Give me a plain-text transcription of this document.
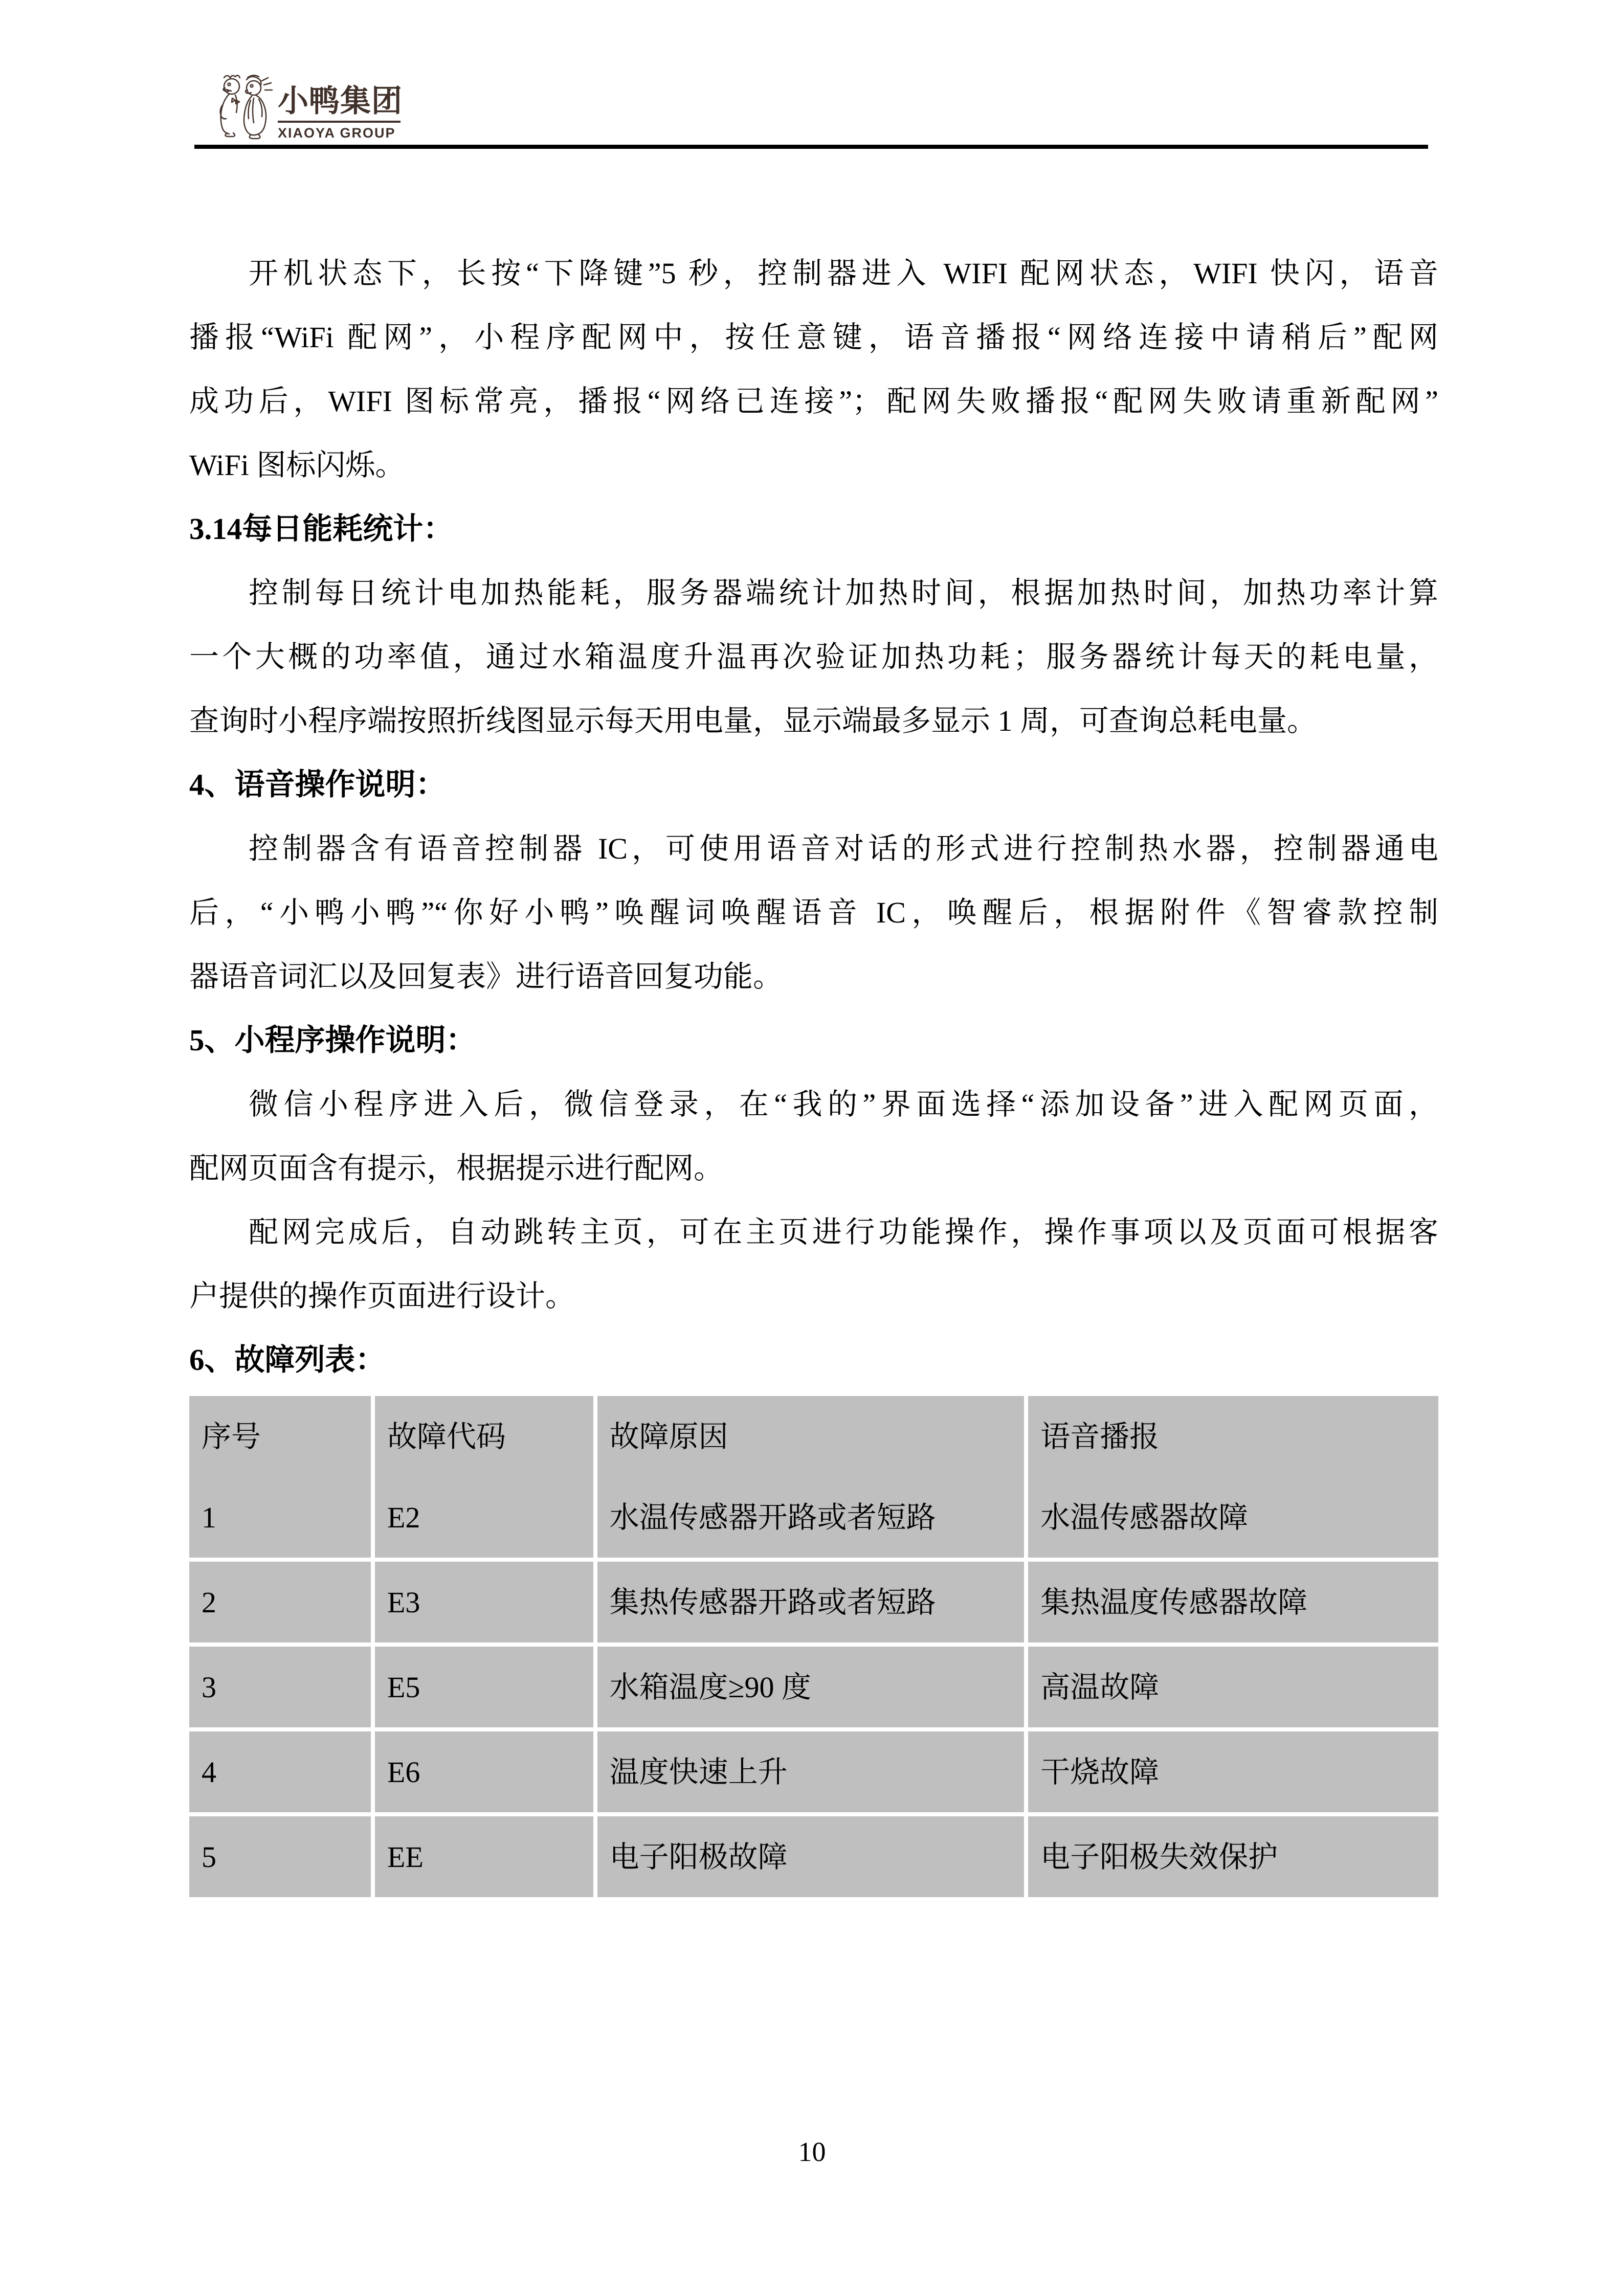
小鸭集团
XIAOYA GROUP
开机状态下，长按“下降键”5 秒，控制器进入 WIFI 配网状态，WIFI 快闪，语音
播报“WiFi 配网”，小程序配网中，按任意键，语音播报“网络连接中请稍后”配网
成功后，WIFI 图标常亮，播报“网络已连接”；配网失败播报“配网失败请重新配网”
WiFi 图标闪烁。
3.14每日能耗统计：
控制每日统计电加热能耗，服务器端统计加热时间，根据加热时间，加热功率计算
一个大概的功率值，通过水箱温度升温再次验证加热功耗；服务器统计每天的耗电量，
查询时小程序端按照折线图显示每天用电量，显示端最多显示 1 周，可查询总耗电量。
4、语音操作说明：
控制器含有语音控制器 IC，可使用语音对话的形式进行控制热水器，控制器通电
后，“小鸭小鸭”“你好小鸭”唤醒词唤醒语音 IC，唤醒后，根据附件《智睿款控制
器语音词汇以及回复表》进行语音回复功能。
5、小程序操作说明：
微信小程序进入后，微信登录，在“我的”界面选择“添加设备”进入配网页面，
配网页面含有提示，根据提示进行配网。
配网完成后，自动跳转主页，可在主页进行功能操作，操作事项以及页面可根据客
户提供的操作页面进行设计。
6、故障列表：
序号	故障代码	故障原因	语音播报
1	E2	水温传感器开路或者短路	水温传感器故障
2	E3	集热传感器开路或者短路	集热温度传感器故障
3	E5	水箱温度≥90 度	高温故障
4	E6	温度快速上升	干烧故障
5	EE	电子阳极故障	电子阳极失效保护
10
